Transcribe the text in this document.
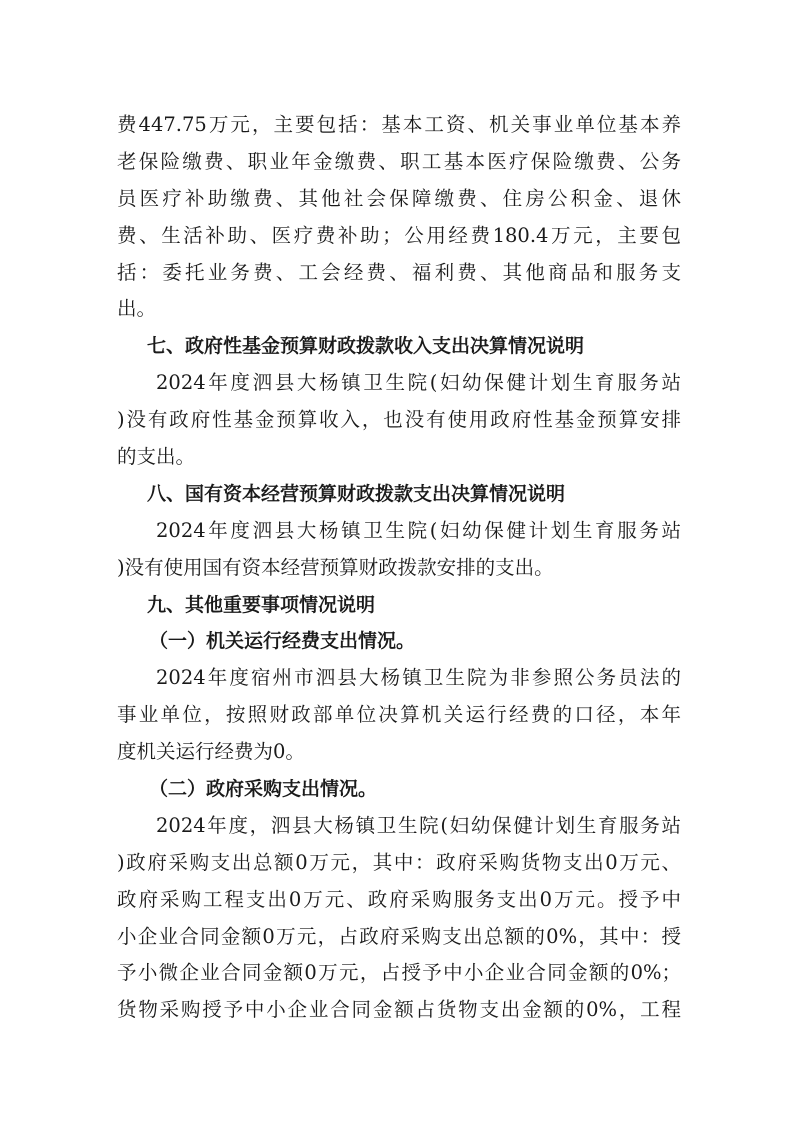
费447.75万元，主要包括：基本工资、机关事业单位基本养
老保险缴费、职业年金缴费、职工基本医疗保险缴费、公务
员医疗补助缴费、其他社会保障缴费、住房公积金、退休
费、生活补助、医疗费补助；公用经费180.4万元，主要包
括：委托业务费、工会经费、福利费、其他商品和服务支
出。
七、政府性基金预算财政拨款收入支出决算情况说明
2024年度泗县大杨镇卫生院(妇幼保健计划生育服务站
)没有政府性基金预算收入，也没有使用政府性基金预算安排
的支出。
八、国有资本经营预算财政拨款支出决算情况说明
2024年度泗县大杨镇卫生院(妇幼保健计划生育服务站
)没有使用国有资本经营预算财政拨款安排的支出。
九、其他重要事项情况说明
（一）机关运行经费支出情况。
2024年度宿州市泗县大杨镇卫生院为非参照公务员法的
事业单位，按照财政部单位决算机关运行经费的口径，本年
度机关运行经费为0。
（二）政府采购支出情况。
2024年度，泗县大杨镇卫生院(妇幼保健计划生育服务站
)政府采购支出总额0万元，其中：政府采购货物支出0万元、
政府采购工程支出0万元、政府采购服务支出0万元。授予中
小企业合同金额0万元，占政府采购支出总额的0%，其中：授
予小微企业合同金额0万元，占授予中小企业合同金额的0%；
货物采购授予中小企业合同金额占货物支出金额的0%，工程
